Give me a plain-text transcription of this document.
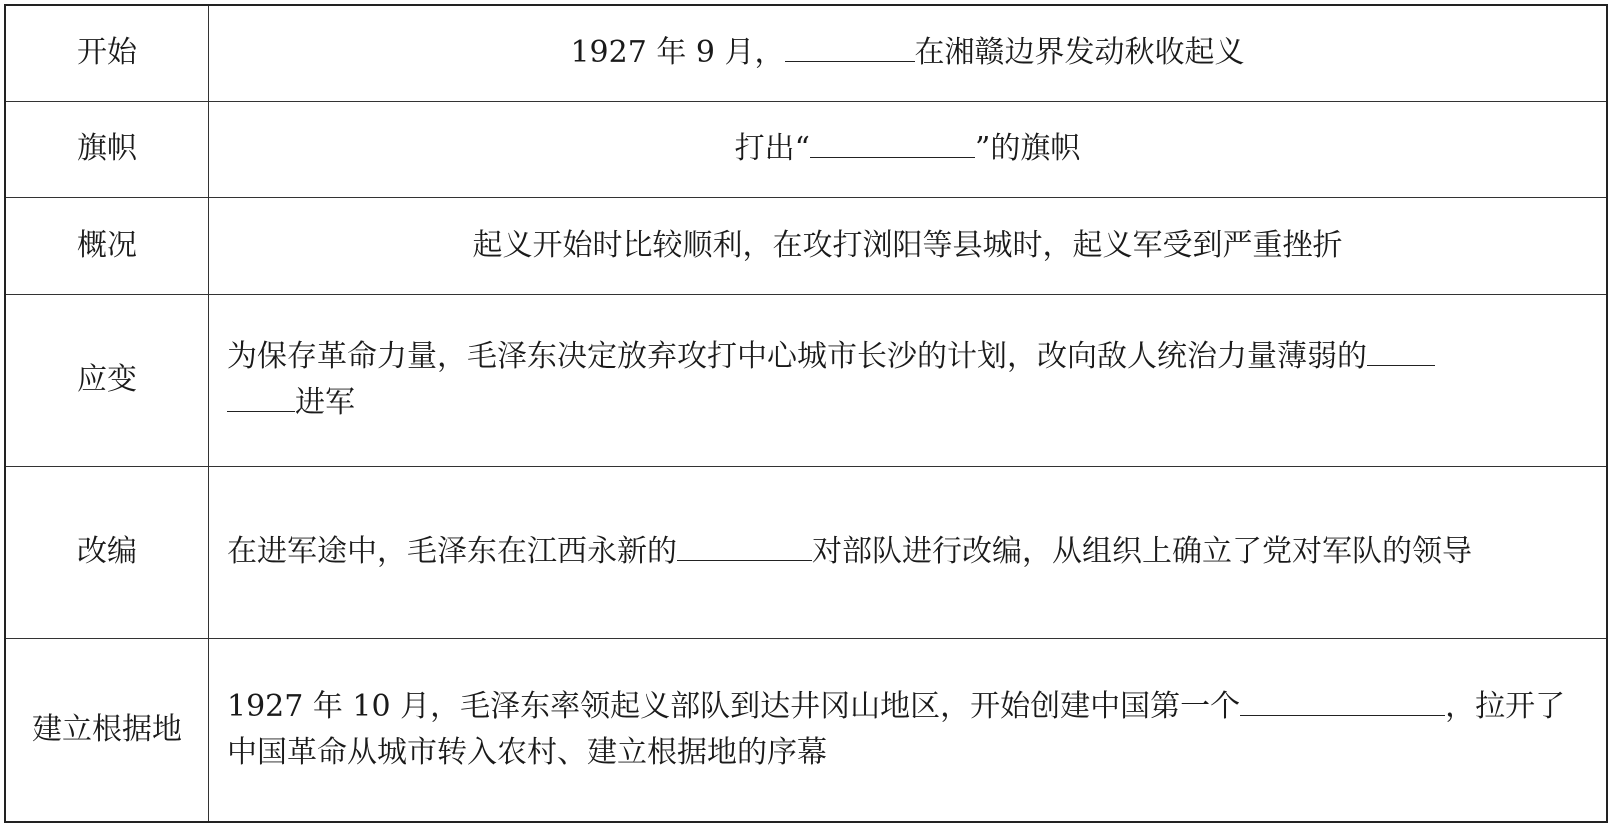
开始	1927 年 9 月， 在湘赣边界发动秋收起义
旗帜	打出“ ”的旗帜
概况	起义开始时比较顺利，在攻打浏阳等县城时，起义军受到严重挫折
应变	为保存革命力量，毛泽东决定放弃攻打中心城市长沙的计划，改向敌人统治力量薄弱的
进军
改编	在进军途中，毛泽东在江西永新的 对部队进行改编，从组织上确立了党对军队的领导
建立根据地	1927 年 10 月，毛泽东率领起义部队到达井冈山地区，开始创建中国第一个 ，拉开了中国革命从城市转入农村、建立根据地的序幕
